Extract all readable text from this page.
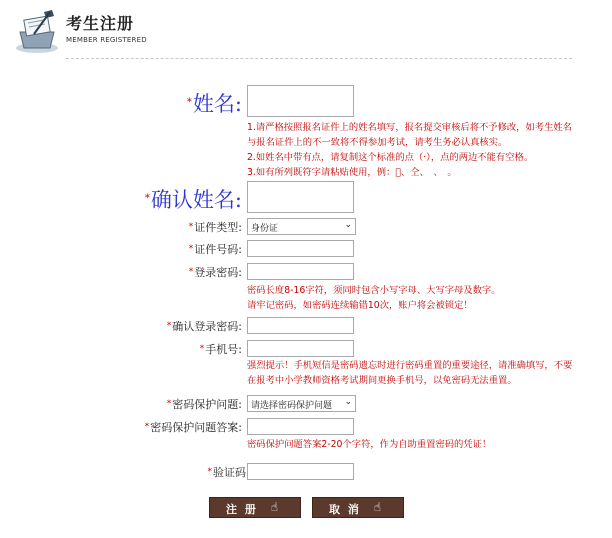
考生注册
MEMBER REGISTERED
*姓名:
1.请严格按照报名证件上的姓名填写，报名提交审核后将不予修改，如考生姓名
与报名证件上的不一致将不得参加考试，请考生务必认真核实。
2.如姓名中带有点，请复制这个标准的点（·），点的两边不能有空格。
3.如有所列既符字请粘贴使用，例：𣆐、仝、　、　。
*确认姓名:
*证件类型:	身份证	⌄
*证件号码:
*登录密码:
密码长度8-16字符，须同时包含小写字母、大写字母及数字。
请牢记密码，如密码连续输错10次，账户将会被锁定！
*确认登录密码:
*手机号:
强烈提示！手机短信是密码遗忘时进行密码重置的重要途径，请准确填写，不要
在报考中小学教师资格考试期间更换手机号，以免密码无法重置。
*密码保护问题:	请选择密码保护问题 ⌄
*密码保护问题答案:
密码保护问题答案2-20个字符，作为自助重置密码的凭证！
*验证码
注 册 ☝	取 消 ☝
